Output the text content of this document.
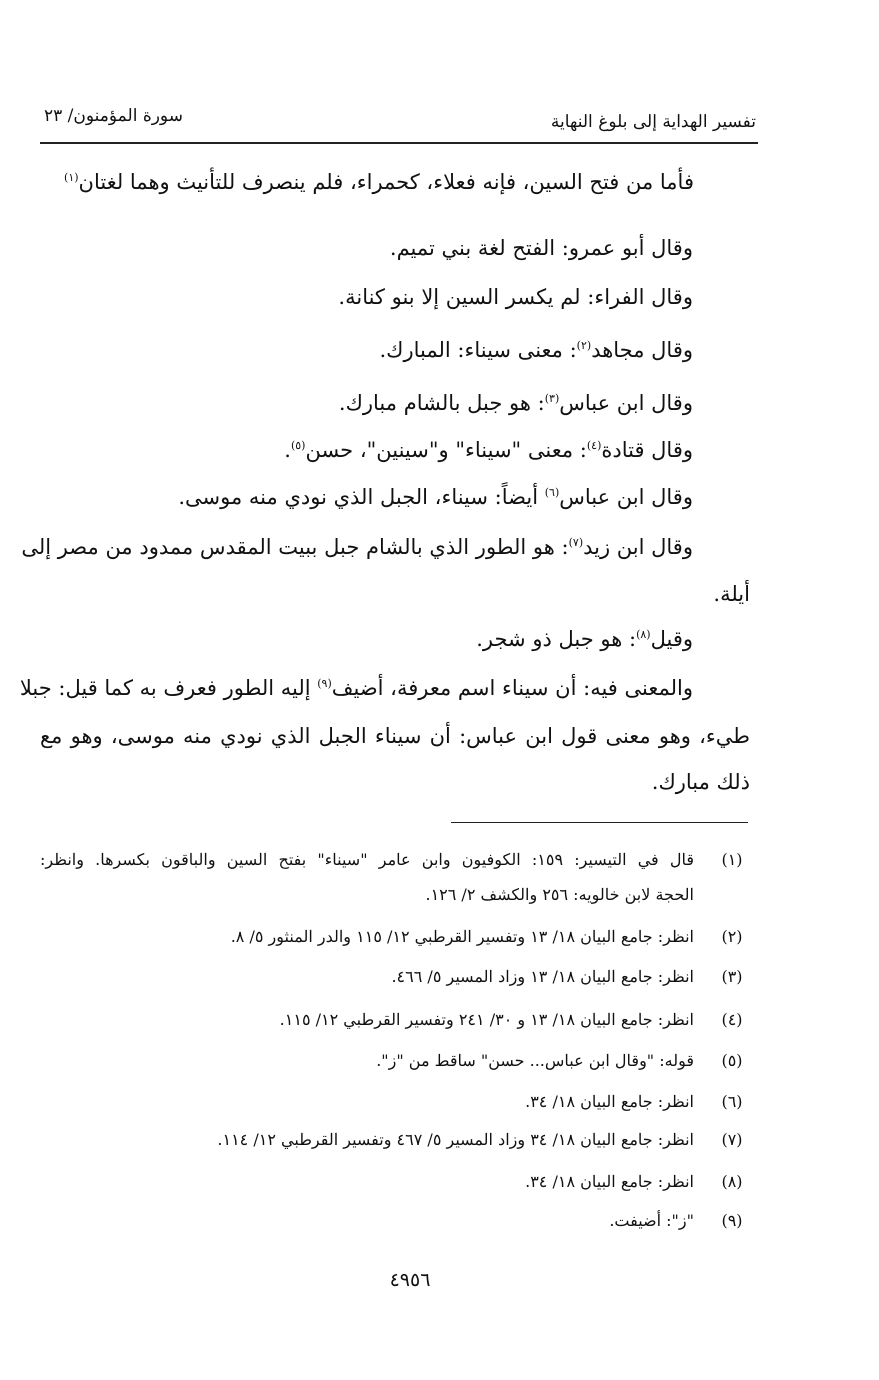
تفسير الهداية إلى بلوغ النهاية
سورة المؤمنون/ ٢٣
فأما من فتح السين، فإنه فعلاء، كحمراء، فلم ينصرف للتأنيث وهما لغتان$^{(١)}$
وقال أبو عمرو: الفتح لغة بني تميم.
وقال الفراء: لم يكسر السين إلا بنو كنانة.
وقال مجاهد$^{(٢)}$: معنى سيناء: المبارك.
وقال ابن عباس$^{(٣)}$: هو جبل بالشام مبارك.
وقال قتادة$^{(٤)}$: معنى "سيناء" و"سينين"، حسن$^{(٥)}$.
وقال ابن عباس$^{(٦)}$ أيضاً: سيناء، الجبل الذي نودي منه موسى.
وقال ابن زيد$^{(٧)}$: هو الطور الذي بالشام جبل ببيت المقدس ممدود من مصر إلى
أيلة.
وقيل$^{(٨)}$: هو جبل ذو شجر.
والمعنى فيه: أن سيناء اسم معرفة، أضيف$^{(٩)}$ إليه الطور فعرف به كما قيل: جبلا
طيء، وهو معنى قول ابن عباس: أن سيناء الجبل الذي نودي منه موسى، وهو مع
ذلك مبارك.
(١)
قال في التيسير: ١٥٩: الكوفيون وابن عامر "سيناء" بفتح السين والباقون بكسرها. وانظر:
الحجة لابن خالويه: ٢٥٦ والكشف ٢/ ١٢٦.
(٢)
انظر: جامع البيان ١٨/ ١٣ وتفسير القرطبي ١٢/ ١١٥ والدر المنثور ٥/ ٨.
(٣)
انظر: جامع البيان ١٨/ ١٣ وزاد المسير ٥/ ٤٦٦.
(٤)
انظر: جامع البيان ١٨/ ١٣ و ٣٠/ ٢٤١ وتفسير القرطبي ١٢/ ١١٥.
(٥)
قوله: "وقال ابن عباس... حسن" ساقط من "ز".
(٦)
انظر: جامع البيان ١٨/ ٣٤.
(٧)
انظر: جامع البيان ١٨/ ٣٤ وزاد المسير ٥/ ٤٦٧ وتفسير القرطبي ١٢/ ١١٤.
(٨)
انظر: جامع البيان ١٨/ ٣٤.
(٩)
"ز": أضيفت.
٤٩٥٦
